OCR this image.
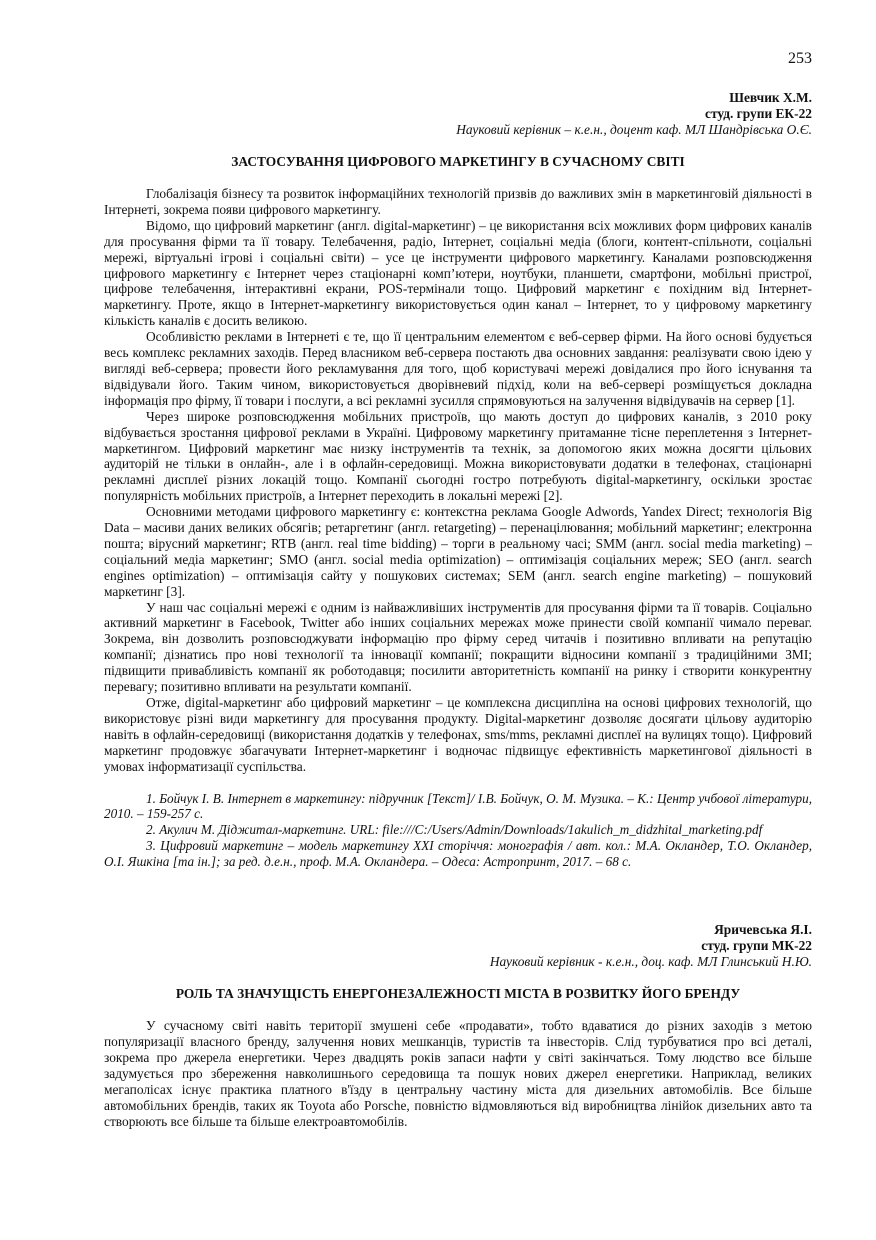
253
Шевчик Х.М.
студ. групи ЕК-22
Науковий керівник – к.е.н., доцент каф. МЛ Шандрівська О.Є.
ЗАСТОСУВАННЯ ЦИФРОВОГО МАРКЕТИНГУ В СУЧАСНОМУ СВІТІ

Глобалізація бізнесу та розвиток інформаційних технологій призвів до важливих змін в маркетинговій діяльності в Інтернеті, зокрема появи цифрового маркетингу.

Відомо, що цифровий маркетинг (англ. digital-маркетинг) – це використання всіх можливих форм цифрових каналів для просування фірми та її товару. Телебачення, радіо, Інтернет, соціальні медіа (блоги, контент-спільноти, соціальні мережі, віртуальні ігрові і соціальні світи) – усе це інструменти цифрового маркетингу. Каналами розповсюдження цифрового маркетингу є Інтернет через стаціонарні комп’ютери, ноутбуки, планшети, смартфони, мобільні пристрої, цифрове телебачення, інтерактивні екрани, POS-термінали тощо. Цифровий маркетинг є похідним від Інтернет-маркетингу. Проте, якщо в Інтернет-маркетингу використовується один канал – Інтернет, то у цифровому маркетингу кількість каналів є досить великою.

Особливістю реклами в Інтернеті є те, що її центральним елементом є веб-сервер фірми. На його основі будується весь комплекс рекламних заходів. Перед власником веб-сервера постають два основних завдання: реалізувати свою ідею у вигляді веб-сервера; провести його рекламування для того, щоб користувачі мережі довідалися про його існування та відвідували його. Таким чином, використовується дворівневий підхід, коли на веб-сервері розміщується докладна інформація про фірму, її товари і послуги, а всі рекламні зусилля спрямовуються на залучення відвідувачів на сервер [1].

Через широке розповсюдження мобільних пристроїв, що мають доступ до цифрових каналів, з 2010 року відбувається зростання цифрової реклами в Україні. Цифровому маркетингу притаманне тісне переплетення з Інтернет-маркетингом. Цифровий маркетинг має низку інструментів та технік, за допомогою яких можна досягти цільових аудиторій не тільки в онлайн-, але і в офлайн-середовищі. Можна використовувати додатки в телефонах, стаціонарні рекламні дисплеї різних локацій тощо. Компанії сьогодні гостро потребують digital-маркетингу, оскільки зростає популярність мобільних пристроїв, а Інтернет переходить в локальні мережі [2].

Основними методами цифрового маркетингу є: контекстна реклама Google Adwords, Yandex Direct; технологія Big Data – масиви даних великих обсягів; ретаргетинг (англ. retargeting) – перенацілювання; мобільний маркетинг; електронна пошта; вірусний маркетинг; RTB (англ. real time bidding) – торги в реальному часі; SMM (англ. social media marketing) – соціальний медіа маркетинг; SMO (англ. social media optimization) – оптимізація соціальних мереж; SEO (англ. search engines optimization) – оптимізація сайту у пошукових системах; SEM (англ. search engine marketing) – пошуковий маркетинг [3].

У наш час соціальні мережі є одним із найважливіших інструментів для просування фірми та її товарів. Соціально активний маркетинг в Facebook, Twitter або інших соціальних мережах може принести своїй компанії чимало переваг. Зокрема, він дозволить розповсюджувати інформацію про фірму серед читачів і позитивно впливати на репутацію компанії; дізнатись про нові технології та інновації компанії; покращити відносини компанії з традиційними ЗМІ; підвищити привабливість компанії як роботодавця; посилити авторитетність компанії на ринку і створити конкурентну перевагу; позитивно впливати на результати компанії.

Отже, digital-маркетинг або цифровий маркетинг – це комплексна дисципліна на основі цифрових технологій, що використовує різні види маркетингу для просування продукту. Digital-маркетинг дозволяє досягати цільову аудиторію навіть в офлайн-середовищі (використання додатків у телефонах, sms/mms, рекламні дисплеї на вулицях тощо). Цифровий маркетинг продовжує збагачувати Інтернет-маркетинг і водночас підвищує ефективність маркетингової діяльності в умовах інформатизації суспільства.

1. Бойчук І. В. Інтернет в маркетингу: підручник [Текст]/ І.В. Бойчук, О. М. Музика. – К.: Центр учбової літератури, 2010. – 159-257 с.

2. Акулич М. Діджитал-маркетинг. URL: file:///C:/Users/Admin/Downloads/1akulich_m_didzhital_marketing.pdf

3. Цифровий маркетинг – модель маркетингу XXI сторіччя: монографія / авт. кол.: М.А. Окландер, Т.О. Окландер, О.І. Яшкіна [та ін.]; за ред. д.е.н., проф. М.А. Окландера. – Одеса: Астропринт, 2017. – 68 с.

Яричевська Я.І.
студ. групи МК-22
Науковий керівник - к.е.н., доц. каф. МЛ Глинський Н.Ю.
РОЛЬ ТА ЗНАЧУЩІСТЬ ЕНЕРГОНЕЗАЛЕЖНОСТІ МІСТА В РОЗВИТКУ ЙОГО БРЕНДУ

У сучасному світі навіть території змушені себе «продавати», тобто вдаватися до різних заходів з метою популяризації власного бренду, залучення нових мешканців, туристів та інвесторів. Слід турбуватися про всі деталі, зокрема про джерела енергетики. Через двадцять років запаси нафти у світі закінчаться. Тому людство все більше задумується про збереження навколишнього середовища та пошук нових джерел енергетики. Наприклад, великих мегаполісах існує практика платного в'їзду в центральну частину міста для дизельних автомобілів. Все більше автомобільних брендів, таких як Toyota або Porsche, повністю відмовляються від виробництва лінійок дизельних авто та створюють все більше та більше електроавтомобілів.
